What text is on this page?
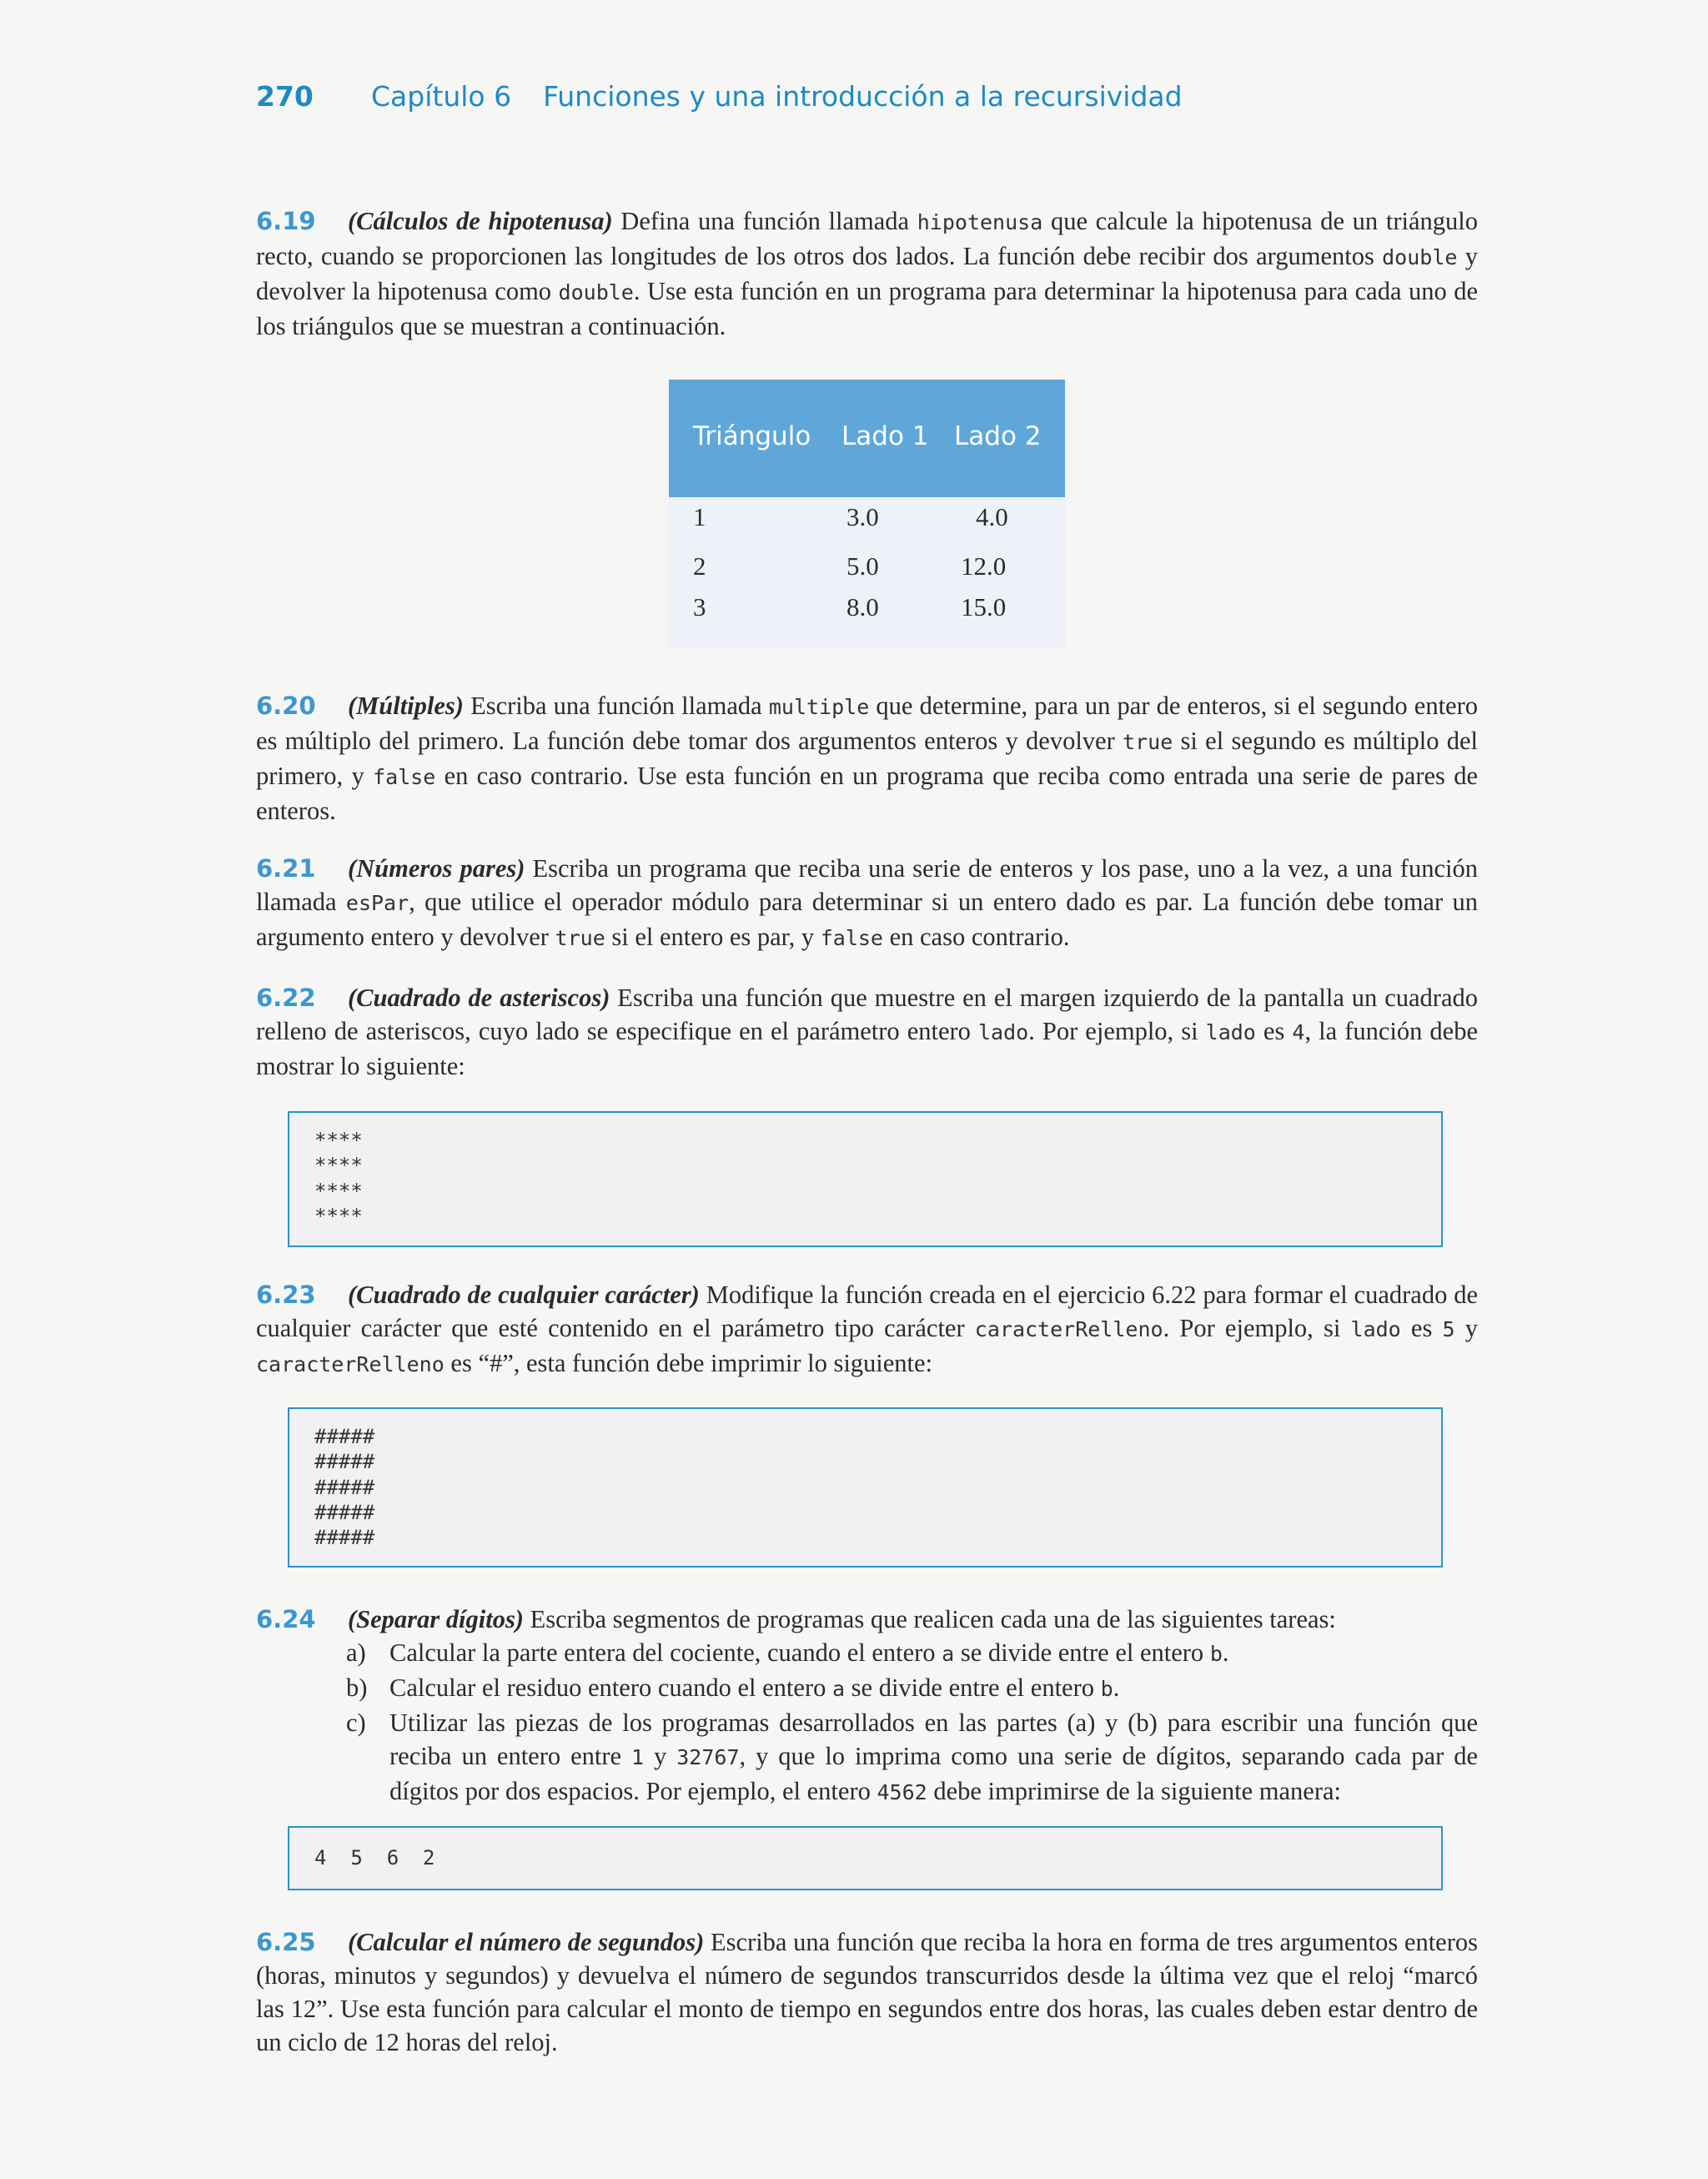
270 Capítulo 6 Funciones y una introducción a la recursividad
6.19 (Cálculos de hipotenusa) Defina una función llamada hipotenusa que calcule la hipotenusa de un triángulo recto, cuando se proporcionen las longitudes de los otros dos lados. La función debe recibir dos argumentos double y devolver la hipotenusa como double. Use esta función en un programa para determinar la hipotenusa para cada uno de los triángulos que se muestran a continuación.
Triángulo Lado 1 Lado 2
1	3.0	4.0
2	5.0	12.0
3	8.0	15.0
6.20 (Múltiples) Escriba una función llamada multiple que determine, para un par de enteros, si el segundo entero es múltiplo del primero. La función debe tomar dos argumentos enteros y devolver true si el segundo es múltiplo del primero, y false en caso contrario. Use esta función en un programa que reciba como entrada una serie de pares de enteros.
6.21 (Números pares) Escriba un programa que reciba una serie de enteros y los pase, uno a la vez, a una función llamada esPar, que utilice el operador módulo para determinar si un entero dado es par. La función debe tomar un argumento entero y devolver true si el entero es par, y false en caso contrario.
6.22 (Cuadrado de asteriscos) Escriba una función que muestre en el margen izquierdo de la pantalla un cuadrado relleno de asteriscos, cuyo lado se especifique en el parámetro entero lado. Por ejemplo, si lado es 4, la función debe mostrar lo siguiente:
****
****
****
****
6.23 (Cuadrado de cualquier carácter) Modifique la función creada en el ejercicio 6.22 para formar el cuadrado de cualquier carácter que esté contenido en el parámetro tipo carácter caracterRelleno. Por ejemplo, si lado es 5 y caracterRelleno es “#”, esta función debe imprimir lo siguiente:
#####
#####
#####
#####
#####
6.24 (Separar dígitos) Escriba segmentos de programas que realicen cada una de las siguientes tareas:
a) Calcular la parte entera del cociente, cuando el entero a se divide entre el entero b.
b) Calcular el residuo entero cuando el entero a se divide entre el entero b.
c) Utilizar las piezas de los programas desarrollados en las partes (a) y (b) para escribir una función que reciba un entero entre 1 y 32767, y que lo imprima como una serie de dígitos, separando cada par de dígitos por dos espacios. Por ejemplo, el entero 4562 debe imprimirse de la siguiente manera:
4  5  6  2
6.25 (Calcular el número de segundos) Escriba una función que reciba la hora en forma de tres argumentos enteros (horas, minutos y segundos) y devuelva el número de segundos transcurridos desde la última vez que el reloj “marcó las 12”. Use esta función para calcular el monto de tiempo en segundos entre dos horas, las cuales deben estar dentro de un ciclo de 12 horas del reloj.
